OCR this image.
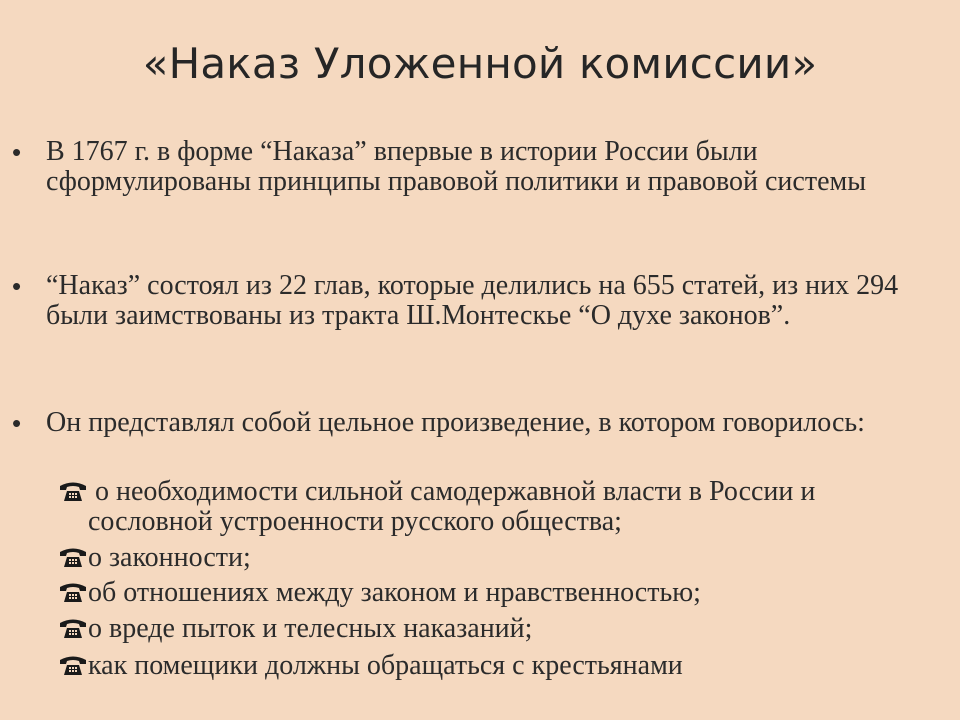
«Наказ Уложенной комиссии»
• В 1767 г. в форме “Наказа” впервые в истории России были сформулированы принципы правовой политики и правовой системы
• “Наказ” состоял из 22 глав, которые делились на 655 статей, из них 294 были заимствованы из тракта Ш.Монтескье “О духе законов”.
• Он представлял собой цельное произведение, в котором говорилось:
о необходимости сильной самодержавной власти в России и
сословной устроенности русского общества;
о законности;
об отношениях между законом и нравственностью;
о вреде пыток и телесных наказаний;
как помещики должны обращаться с крестьянами
